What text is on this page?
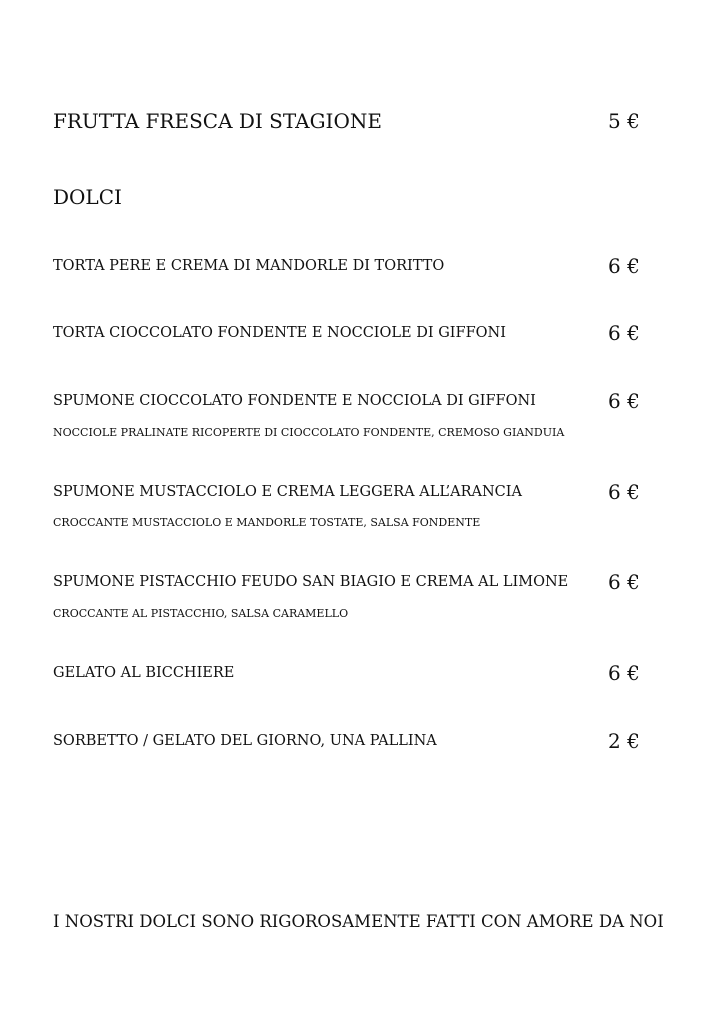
FRUTTA FRESCA DI STAGIONE	5 €
DOLCI
TORTA PERE E CREMA DI MANDORLE DI TORITTO	6 €
TORTA CIOCCOLATO FONDENTE E NOCCIOLE DI GIFFONI	6 €
SPUMONE CIOCCOLATO FONDENTE E NOCCIOLA DI GIFFONI	6 €
NOCCIOLE PRALINATE RICOPERTE DI CIOCCOLATO FONDENTE, CREMOSO GIANDUIA
SPUMONE MUSTACCIOLO E CREMA LEGGERA ALL’ARANCIA	6 €
CROCCANTE MUSTACCIOLO E MANDORLE TOSTATE, SALSA FONDENTE
SPUMONE PISTACCHIO FEUDO SAN BIAGIO E CREMA AL LIMONE 6 €
CROCCANTE AL PISTACCHIO, SALSA CARAMELLO
GELATO AL BICCHIERE	6 €
SORBETTO / GELATO DEL GIORNO, UNA PALLINA	2 €
I NOSTRI DOLCI SONO RIGOROSAMENTE FATTI CON AMORE DA NOI
